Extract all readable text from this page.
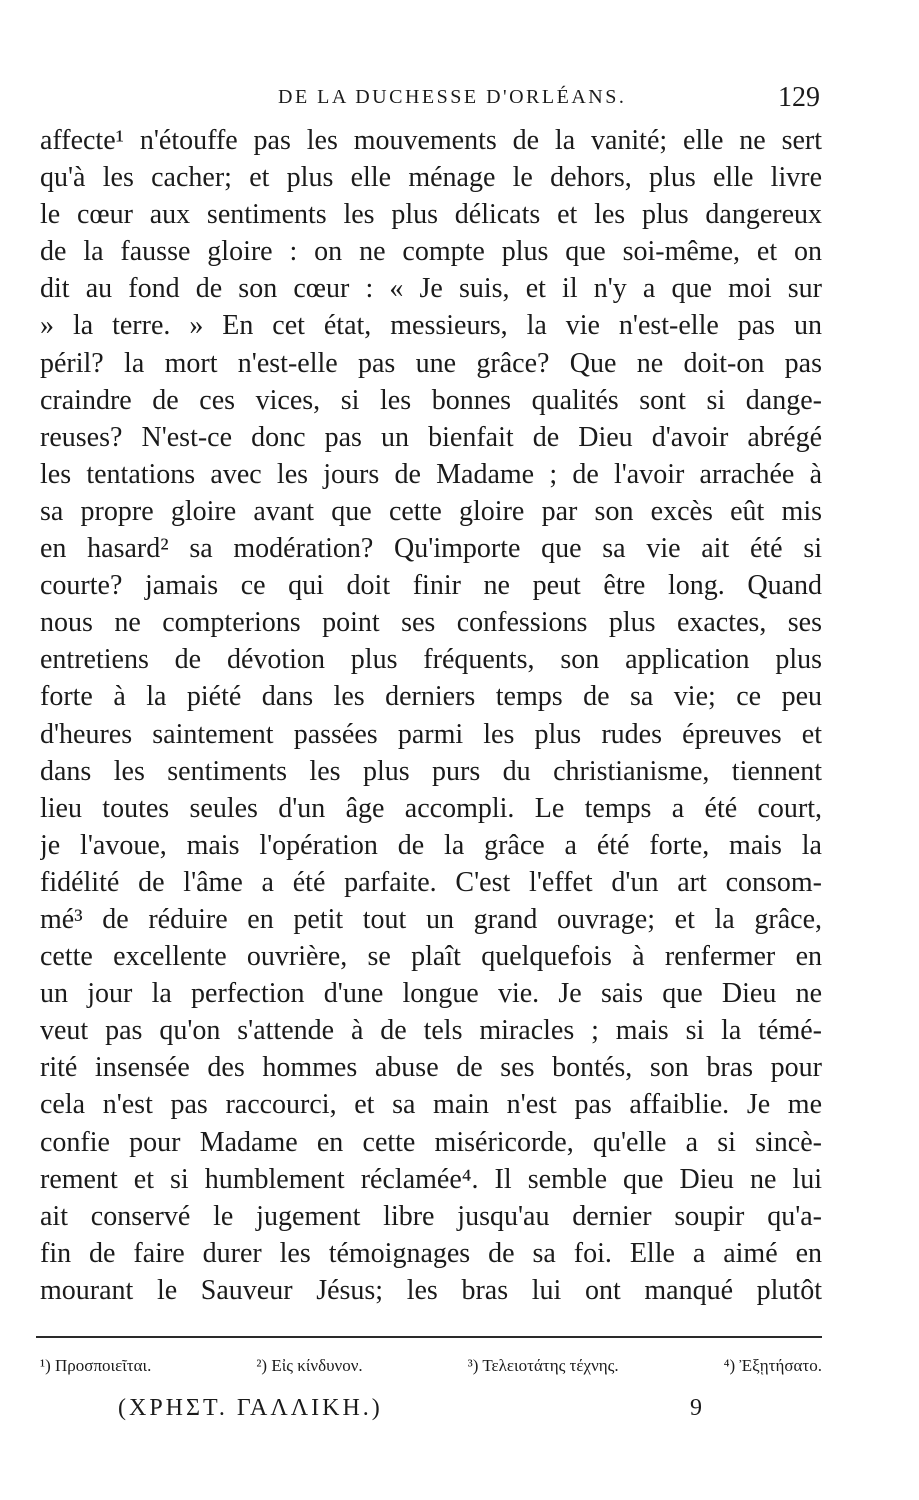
DE LA DUCHESSE D'ORLÉANS.	129
affecte¹ n'étouffe pas les mouvements de la vanité; elle ne sert
qu'à les cacher; et plus elle ménage le dehors, plus elle livre
le cœur aux sentiments les plus délicats et les plus dangereux
de la fausse gloire : on ne compte plus que soi-même, et on
dit au fond de son cœur : « Je suis, et il n'y a que moi sur
» la terre. » En cet état, messieurs, la vie n'est-elle pas un
péril? la mort n'est-elle pas une grâce? Que ne doit-on pas
craindre de ces vices, si les bonnes qualités sont si dange-
reuses? N'est-ce donc pas un bienfait de Dieu d'avoir abrégé
les tentations avec les jours de Madame ; de l'avoir arrachée à
sa propre gloire avant que cette gloire par son excès eût mis
en hasard² sa modération? Qu'importe que sa vie ait été si
courte? jamais ce qui doit finir ne peut être long. Quand
nous ne compterions point ses confessions plus exactes, ses
entretiens de dévotion plus fréquents, son application plus
forte à la piété dans les derniers temps de sa vie; ce peu
d'heures saintement passées parmi les plus rudes épreuves et
dans les sentiments les plus purs du christianisme, tiennent
lieu toutes seules d'un âge accompli. Le temps a été court,
je l'avoue, mais l'opération de la grâce a été forte, mais la
fidélité de l'âme a été parfaite. C'est l'effet d'un art consom-
mé³ de réduire en petit tout un grand ouvrage; et la grâce,
cette excellente ouvrière, se plaît quelquefois à renfermer en
un jour la perfection d'une longue vie. Je sais que Dieu ne
veut pas qu'on s'attende à de tels miracles ; mais si la témé-
rité insensée des hommes abuse de ses bontés, son bras pour
cela n'est pas raccourci, et sa main n'est pas affaiblie. Je me
confie pour Madame en cette miséricorde, qu'elle a si sincè-
rement et si humblement réclamée⁴. Il semble que Dieu ne lui
ait conservé le jugement libre jusqu'au dernier soupir qu'a-
fin de faire durer les témoignages de sa foi. Elle a aimé en
mourant le Sauveur Jésus; les bras lui ont manqué plutôt
¹) Προσποιεῖται.	²) Εἰς κίνδυνον.	³) Τελειοτάτης τέχνης.	⁴) Ἐξῃτήσατο.
(ΧΡΗΣΤ. ΓΑΛΛΙΚΗ.)	9
